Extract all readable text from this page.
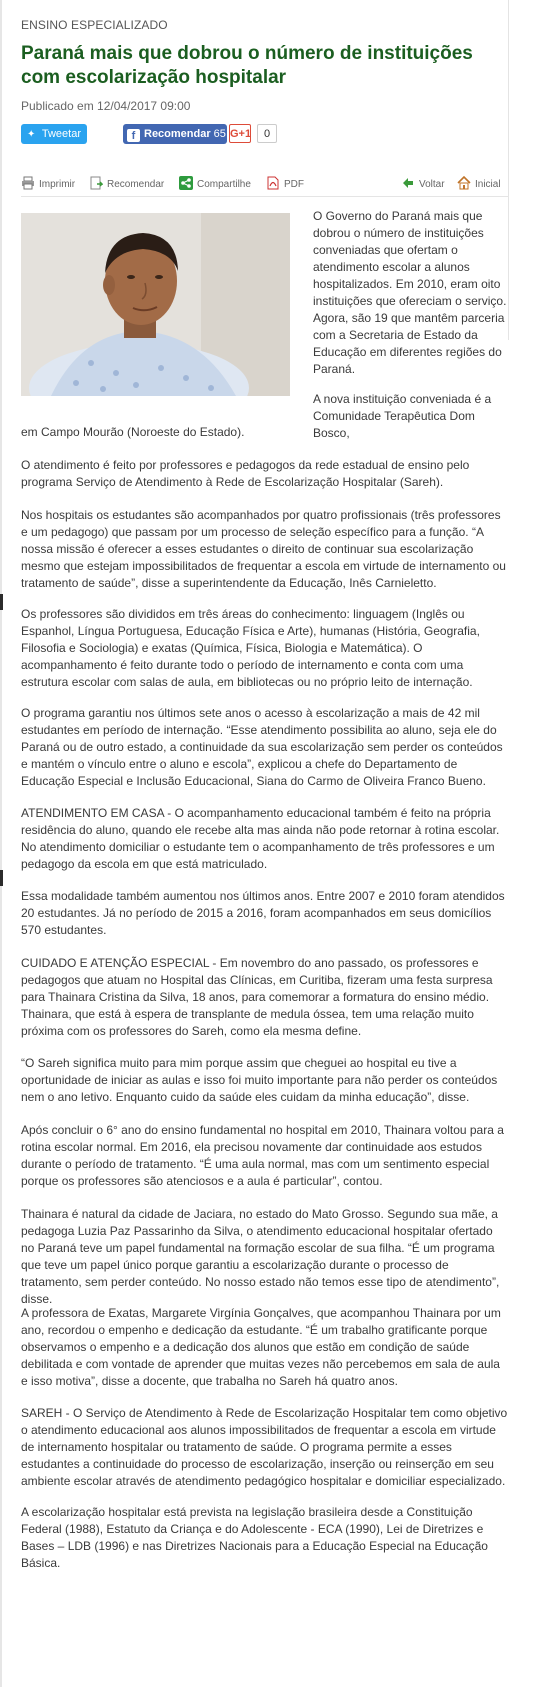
ENSINO ESPECIALIZADO
Paraná mais que dobrou o número de instituições com escolarização hospitalar
Publicado em 12/04/2017 09:00
✦ Tweetar	f Recomendar 65 G+1	0
Imprimir	Recomendar	Compartilhe	PDF	Voltar	Inicial

O Governo do Paraná mais que dobrou o número de instituições conveniadas que ofertam o atendimento escolar a alunos hospitalizados. Em 2010, eram oito instituições que ofereciam o serviço. Agora, são 19 que mantêm parceria com a Secretaria de Estado da Educação em diferentes regiões do Paraná.

A nova instituição conveniada é a Comunidade Terapêutica Dom Bosco,

em Campo Mourão (Noroeste do Estado).

O atendimento é feito por professores e pedagogos da rede estadual de ensino pelo programa Serviço de Atendimento à Rede de Escolarização Hospitalar (Sareh).

Nos hospitais os estudantes são acompanhados por quatro profissionais (três professores e um pedagogo) que passam por um processo de seleção específico para a função. “A nossa missão é oferecer a esses estudantes o direito de continuar sua escolarização mesmo que estejam impossibilitados de frequentar a escola em virtude de internamento ou tratamento de saúde”, disse a superintendente da Educação, Inês Carnieletto.

Os professores são divididos em três áreas do conhecimento: linguagem (Inglês ou Espanhol, Língua Portuguesa, Educação Física e Arte), humanas (História, Geografia, Filosofia e Sociologia) e exatas (Química, Física, Biologia e Matemática). O acompanhamento é feito durante todo o período de internamento e conta com uma estrutura escolar com salas de aula, em bibliotecas ou no próprio leito de internação.

O programa garantiu nos últimos sete anos o acesso à escolarização a mais de 42 mil estudantes em período de internação. “Esse atendimento possibilita ao aluno, seja ele do Paraná ou de outro estado, a continuidade da sua escolarização sem perder os conteúdos e mantém o vínculo entre o aluno e escola”, explicou a chefe do Departamento de Educação Especial e Inclusão Educacional, Siana do Carmo de Oliveira Franco Bueno.

ATENDIMENTO EM CASA - O acompanhamento educacional também é feito na própria residência do aluno, quando ele recebe alta mas ainda não pode retornar à rotina escolar. No atendimento domiciliar o estudante tem o acompanhamento de três professores e um pedagogo da escola em que está matriculado.

Essa modalidade também aumentou nos últimos anos. Entre 2007 e 2010 foram atendidos 20 estudantes. Já no período de 2015 a 2016, foram acompanhados em seus domicílios 570 estudantes.

CUIDADO E ATENÇÃO ESPECIAL - Em novembro do ano passado, os professores e pedagogos que atuam no Hospital das Clínicas, em Curitiba, fizeram uma festa surpresa para Thainara Cristina da Silva, 18 anos, para comemorar a formatura do ensino médio. Thainara, que está à espera de transplante de medula óssea, tem uma relação muito próxima com os professores do Sareh, como ela mesma define.

“O Sareh significa muito para mim porque assim que cheguei ao hospital eu tive a oportunidade de iniciar as aulas e isso foi muito importante para não perder os conteúdos nem o ano letivo. Enquanto cuido da saúde eles cuidam da minha educação”, disse.

Após concluir o 6° ano do ensino fundamental no hospital em 2010, Thainara voltou para a rotina escolar normal. Em 2016, ela precisou novamente dar continuidade aos estudos durante o período de tratamento. “É uma aula normal, mas com um sentimento especial porque os professores são atenciosos e a aula é particular”, contou.

Thainara é natural da cidade de Jaciara, no estado do Mato Grosso. Segundo sua mãe, a pedagoga Luzia Paz Passarinho da Silva, o atendimento educacional hospitalar ofertado no Paraná teve um papel fundamental na formação escolar de sua filha. “É um programa que teve um papel único porque garantiu a escolarização durante o processo de tratamento, sem perder conteúdo. No nosso estado não temos esse tipo de atendimento”, disse.

A professora de Exatas, Margarete Virgínia Gonçalves, que acompanhou Thainara por um ano, recordou o empenho e dedicação da estudante. “É um trabalho gratificante porque observamos o empenho e a dedicação dos alunos que estão em condição de saúde debilitada e com vontade de aprender que muitas vezes não percebemos em sala de aula e isso motiva”, disse a docente, que trabalha no Sareh há quatro anos.

SAREH - O Serviço de Atendimento à Rede de Escolarização Hospitalar tem como objetivo o atendimento educacional aos alunos impossibilitados de frequentar a escola em virtude de internamento hospitalar ou tratamento de saúde. O programa permite a esses estudantes a continuidade do processo de escolarização, inserção ou reinserção em seu ambiente escolar através de atendimento pedagógico hospitalar e domiciliar especializado.

A escolarização hospitalar está prevista na legislação brasileira desde a Constituição Federal (1988), Estatuto da Criança e do Adolescente - ECA (1990), Lei de Diretrizes e Bases – LDB (1996) e nas Diretrizes Nacionais para a Educação Especial na Educação Básica.
